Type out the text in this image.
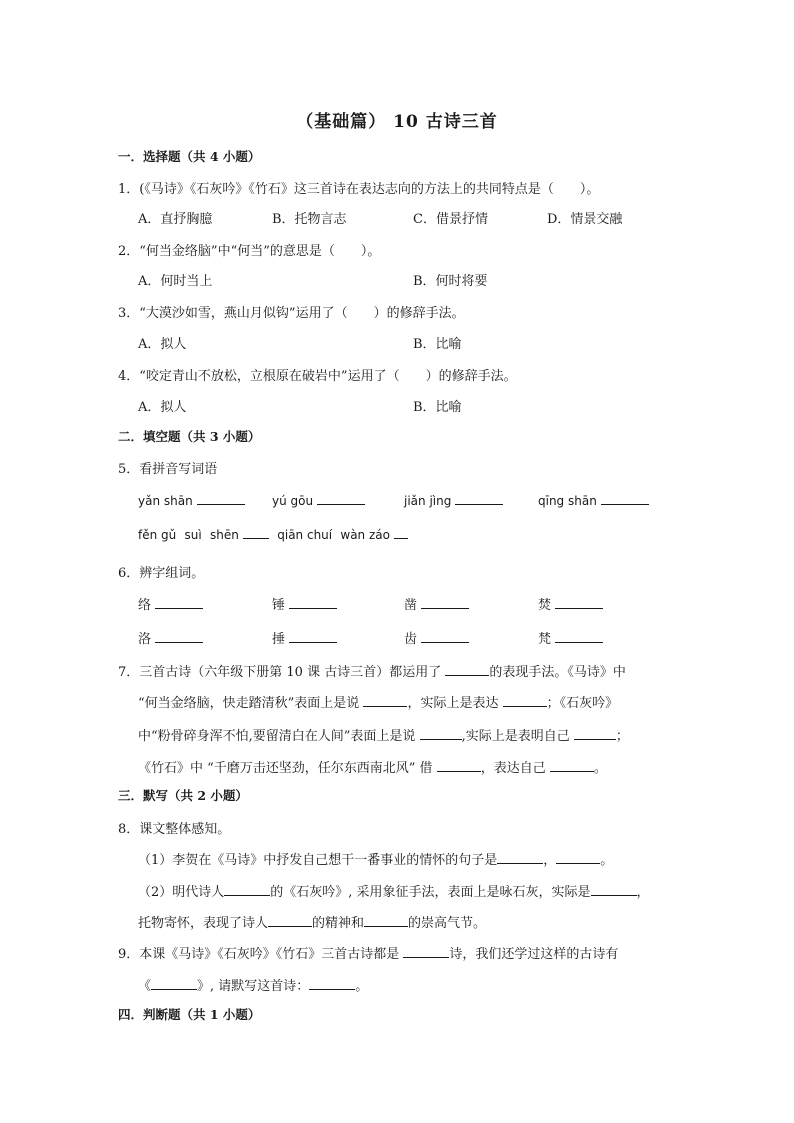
（基础篇） 10 古诗三首
一．选择题（共 4 小题）
1．(《马诗》《石灰吟》《竹石》这三首诗在表达志向的方法上的共同特点是（　　）。
A．直抒胸臆	B．托物言志	C．借景抒情	D．情景交融
2．“何当金络脑”中“何当”的意思是（　　）。
A．何时当上	B．何时将要
3．“大漠沙如雪，燕山月似钩”运用了（　　）的修辞手法。
A．拟人	B．比喻
4．“咬定青山不放松，立根原在破岩中”运用了（　　）的修辞手法。
A．拟人	B．比喻
二．填空题（共 3 小题）
5．看拼音写词语
yǎn shān	yú gōu	jiǎn jìng	qīng shān
fěn gǔ suì shēn	qiān chuí wàn záo
6．辨字组词。
络	锤	凿	焚
洛	捶	齿	梵
7．三首古诗（六年级下册第 10 课 古诗三首）都运用了	的表现手法。《马诗》中
“何当金络脑，快走踏清秋”表面上是说	，实际上是表达	；《石灰吟》
中“粉骨碎身浑不怕,要留清白在人间”表面上是说	,实际上是表明自己	；
《竹石》中 “千磨万击还坚劲，任尔东西南北风” 借	，表达自己	。
三．默写（共 2 小题）
8．课文整体感知。
（1）李贺在《马诗》中抒发自己想干一番事业的情怀的句子是	，	。
（2）明代诗人	的《石灰吟》, 采用象征手法，表面上是咏石灰，实际是	，
托物寄怀，表现了诗人	的精神和	的崇高气节。
9．本课《马诗》《石灰吟》《竹石》三首古诗都是	诗，我们还学过这样的古诗有
《	》, 请默写这首诗：	。
四．判断题（共 1 小题）
